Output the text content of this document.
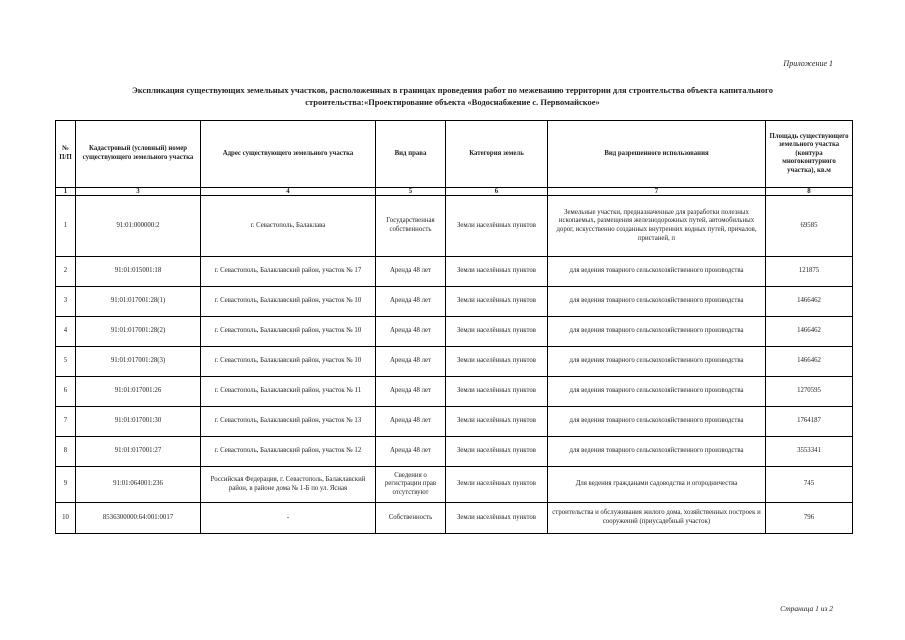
Приложение 1
Экспликация существующих земельных участков, расположенных в границах проведения работ по межеванию территории для строительства объекта капитального
строительства:«Проектирование объекта «Водоснабжение с. Первомайское»
№ П/П	Кадастровый (условный) номер существующего земельного участка	Адрес существующего земельного участка	Вид права	Категория земель	Вид разрешенного использования	Площадь существующего земельного участка (контура многоконтурного участка), кв.м
1	3	4	5	6	7	8
1	91:01:000000:2	г. Севастополь, Балаклава	Государственная собственность	Земли населённых пунктов	Земельные участки, предназначенные для разработки полезных ископаемых, размещения железнодорожных путей, автомобильных дорог, искусственно созданных внутренних водных путей, причалов, пристаней, п	69585
2	91:01:015001:18	г. Севастополь, Балаклавский район, участок № 17	Аренда 48 лет	Земли населённых пунктов	для ведения товарного сельскохозяйственного производства	121875
3	91:01:017001:28(1)	г. Севастополь, Балаклавский район, участок № 10	Аренда 48 лет	Земли населённых пунктов	для ведения товарного сельскохозяйственного производства	1466462
4	91:01:017001:28(2)	г. Севастополь, Балаклавский район, участок № 10	Аренда 48 лет	Земли населённых пунктов	для ведения товарного сельскохозяйственного производства	1466462
5	91:01:017001:28(3)	г. Севастополь, Балаклавский район, участок № 10	Аренда 48 лет	Земли населённых пунктов	для ведения товарного сельскохозяйственного производства	1466462
6	91:01:017001:26	г. Севастополь, Балаклавский район, участок № 11	Аренда 48 лет	Земли населённых пунктов	для ведения товарного сельскохозяйственного производства	1270595
7	91:01:017001:30	г. Севастополь, Балаклавский район, участок № 13	Аренда 48 лет	Земли населённых пунктов	для ведения товарного сельскохозяйственного производства	1764187
8	91:01:017001:27	г. Севастополь, Балаклавский район, участок № 12	Аренда 48 лет	Земли населённых пунктов	для ведения товарного сельскохозяйственного производства	3553341
9	91:01:064001:236	Российская Федерация, г. Севастополь, Балаклавский район, в районе дома № 1-Б по ул. Ясная	Сведения о регистрации прав отсутствуют	Земли населённых пунктов	Для ведения гражданами садоводства и огородничества	745
10	8536300000:64:001:0017	-	Собственность	Земли населённых пунктов	строительства и обслуживания жилого дома, хозяйственных построек и сооружений (приусадебный участок)	796
Страница 1 из 2
